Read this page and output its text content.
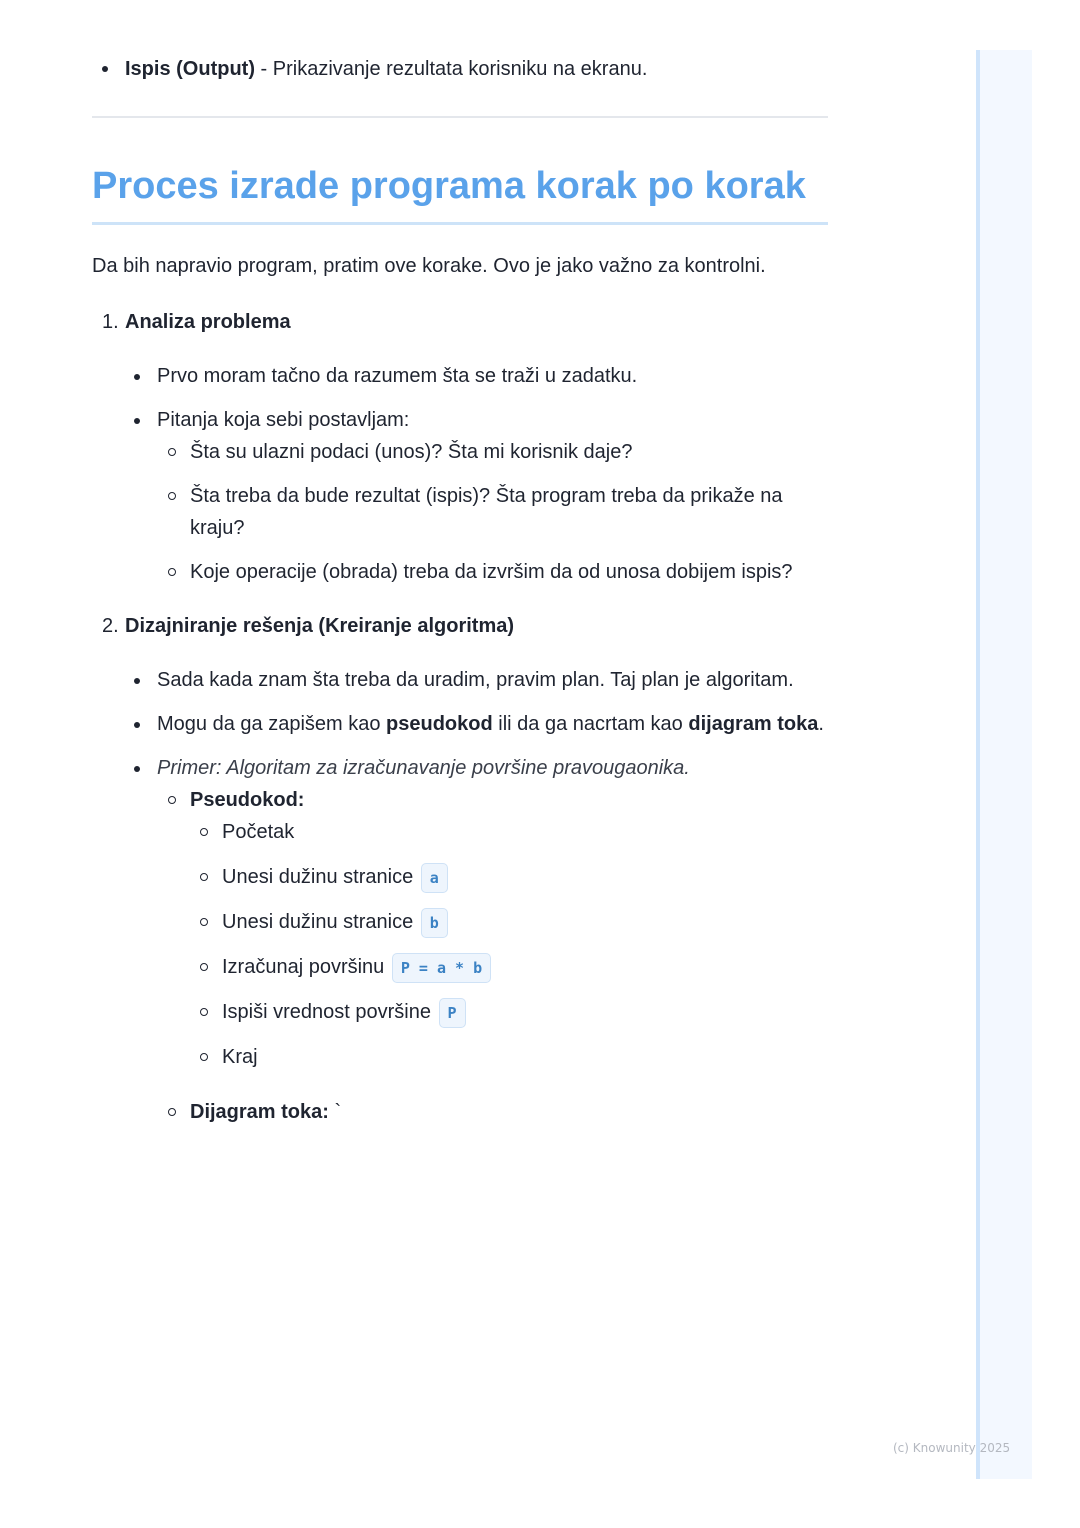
Ispis (Output) - Prikazivanje rezultata korisniku na ekranu.
Proces izrade programa korak po korak

Da bih napravio program, pratim ove korake. Ovo je jako važno za kontrolni.

1. Analiza problema
Prvo moram tačno da razumem šta se traži u zadatku.
Pitanja koja sebi postavljam:
Šta su ulazni podaci (unos)? Šta mi korisnik daje?
Šta treba da bude rezultat (ispis)? Šta program treba da prikaže na kraju?
Koje operacije (obrada) treba da izvršim da od unosa dobijem ispis?
2. Dizajniranje rešenja (Kreiranje algoritma)
Sada kada znam šta treba da uradim, pravim plan. Taj plan je algoritam.
Mogu da ga zapišem kao pseudokod ili da ga nacrtam kao dijagram toka.
Primer: Algoritam za izračunavanje površine pravougaonika.
Pseudokod:
Početak
Unesi dužinu stranice a
Unesi dužinu stranice b
Izračunaj površinu P = a * b
Ispiši vrednost površine P
Kraj
Dijagram toka: `
(c) Knowunity 2025
